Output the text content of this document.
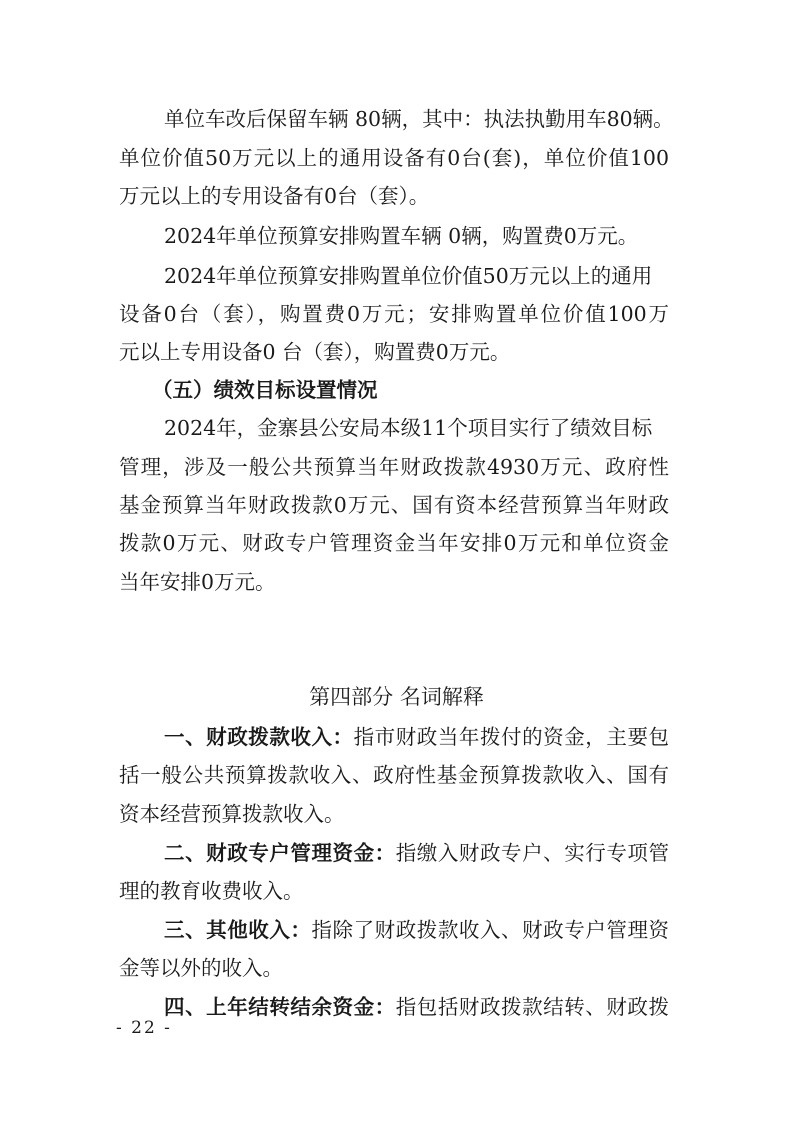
单位车改后保留车辆 80辆，其中：执法执勤用车80辆。
单位价值50万元以上的通用设备有0台(套)，单位价值100
万元以上的专用设备有0台（套）。
2024年单位预算安排购置车辆 0辆，购置费0万元。
2024年单位预算安排购置单位价值50万元以上的通用
设备0台（套），购置费0万元；安排购置单位价值100万
元以上专用设备0 台（套），购置费0万元。
（五）绩效目标设置情况
2024年，金寨县公安局本级11个项目实行了绩效目标
管理，涉及一般公共预算当年财政拨款4930万元、政府性
基金预算当年财政拨款0万元、国有资本经营预算当年财政
拨款0万元、财政专户管理资金当年安排0万元和单位资金
当年安排0万元。
第四部分 名词解释
一、财政拨款收入：指市财政当年拨付的资金，主要包
括一般公共预算拨款收入、政府性基金预算拨款收入、国有
资本经营预算拨款收入。
二、财政专户管理资金：指缴入财政专户、实行专项管
理的教育收费收入。
三、其他收入：指除了财政拨款收入、财政专户管理资
金等以外的收入。
四、上年结转结余资金：指包括财政拨款结转、财政拨
- 22 -
